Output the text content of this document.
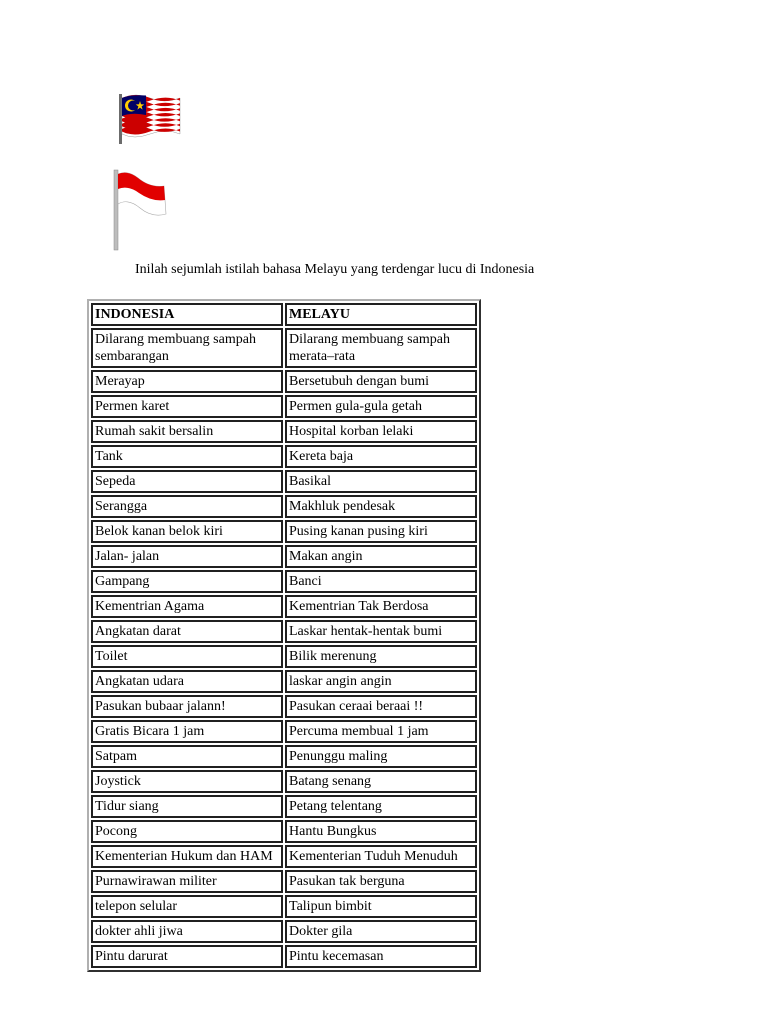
Inilah sejumlah istilah bahasa Melayu yang terdengar lucu di Indonesia
INDONESIA	MELAYU
Dilarang membuang sampah sembarangan	Dilarang membuang sampah merata–rata
Merayap	Bersetubuh dengan bumi
Permen karet	Permen gula-gula getah
Rumah sakit bersalin	Hospital korban lelaki
Tank	Kereta baja
Sepeda	Basikal
Serangga	Makhluk pendesak
Belok kanan belok kiri	Pusing kanan pusing kiri
Jalan- jalan	Makan angin
Gampang	Banci
Kementrian Agama	Kementrian Tak Berdosa
Angkatan darat	Laskar hentak-hentak bumi
Toilet	Bilik merenung
Angkatan udara	laskar angin angin
Pasukan bubaar jalann!	Pasukan ceraai beraai !!
Gratis Bicara 1 jam	Percuma membual 1 jam
Satpam	Penunggu maling
Joystick	Batang senang
Tidur siang	Petang telentang
Pocong	Hantu Bungkus
Kementerian Hukum dan HAM	Kementerian Tuduh Menuduh
Purnawirawan militer	Pasukan tak berguna
telepon selular	Talipun bimbit
dokter ahli jiwa	Dokter gila
Pintu darurat	Pintu kecemasan
